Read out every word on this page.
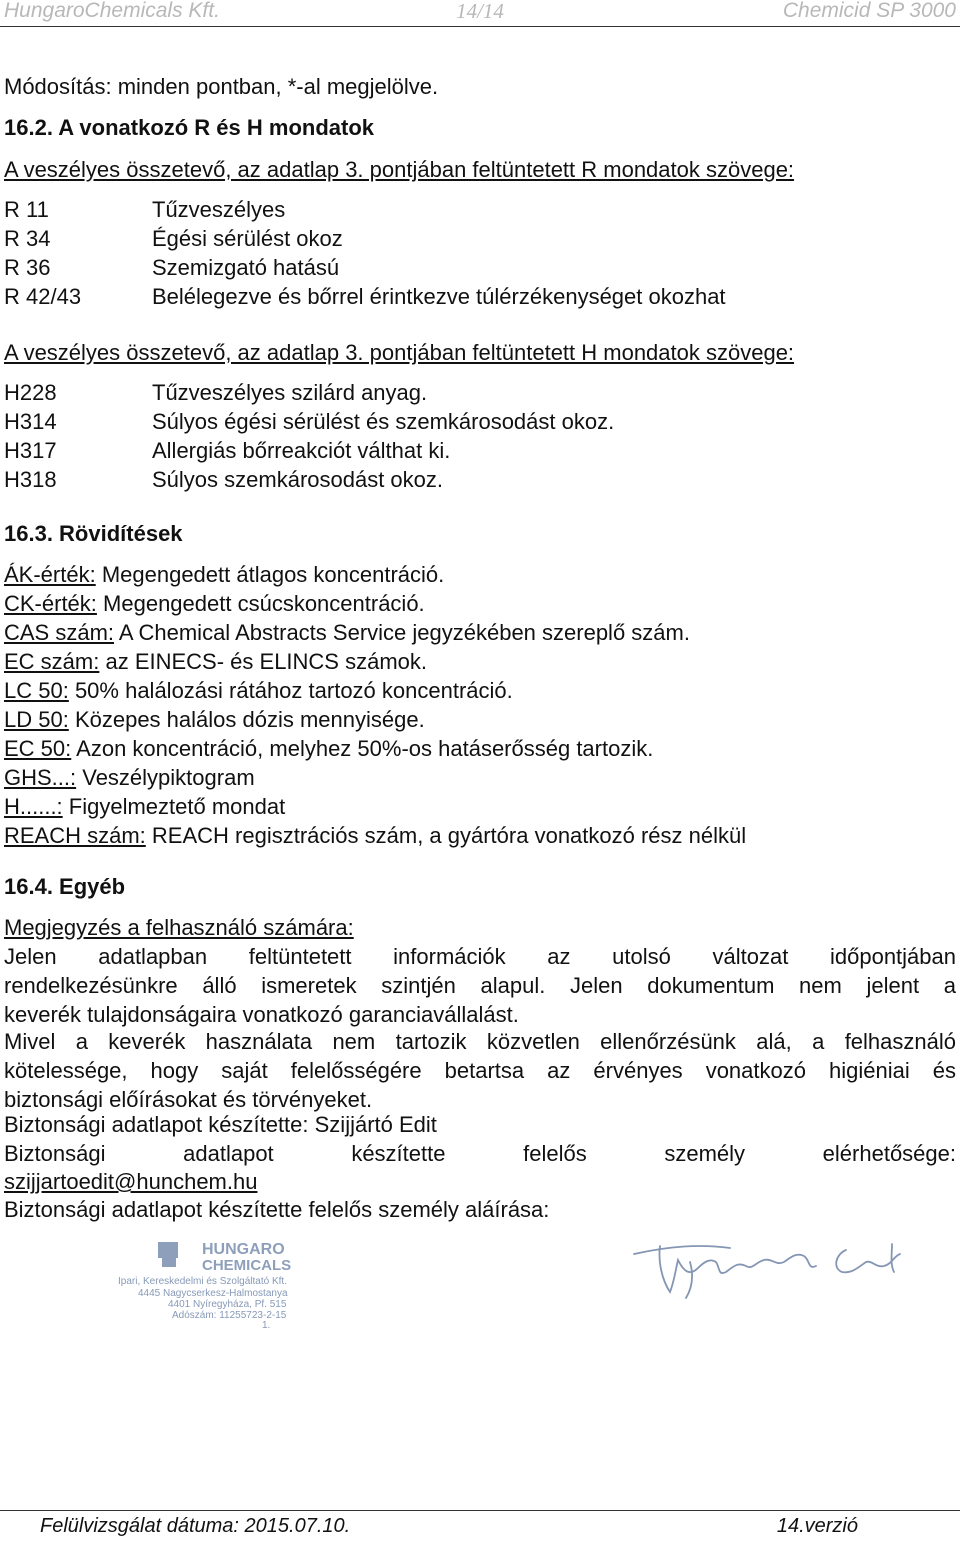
HungaroChemicals Kft.	14/14	Chemicid SP 3000

Módosítás: minden pontban, *-al megjelölve.

16.2. A vonatkozó R és H mondatok

A veszélyes összetevő, az adatlap 3. pontjában feltüntetett R mondatok szövege:

R 11	Tűzveszélyes
R 34	Égési sérülést okoz
R 36	Szemizgató hatású
R 42/43	Belélegezve és bőrrel érintkezve túlérzékenységet okozhat

A veszélyes összetevő, az adatlap 3. pontjában feltüntetett H mondatok szövege:

H228	Tűzveszélyes szilárd anyag.
H314	Súlyos égési sérülést és szemkárosodást okoz.
H317	Allergiás bőrreakciót válthat ki.
H318	Súlyos szemkárosodást okoz.

16.3. Rövidítések

ÁK-érték: Megengedett átlagos koncentráció.
CK-érték: Megengedett csúcskoncentráció.
CAS szám: A Chemical Abstracts Service jegyzékében szereplő szám.
EC szám: az EINECS- és ELINCS számok.
LC 50: 50% halálozási rátához tartozó koncentráció.
LD 50: Közepes halálos dózis mennyisége.
EC 50: Azon koncentráció, melyhez 50%-os hatáserősség tartozik.
GHS...: Veszélypiktogram
H......: Figyelmeztető mondat
REACH szám: REACH regisztrációs szám, a gyártóra vonatkozó rész nélkül

16.4. Egyéb

Megjegyzés a felhasználó számára:

Jelen adatlapban feltüntetett információk az utolsó változat időpontjában
rendelkezésünkre álló ismeretek szintjén alapul. Jelen dokumentum nem jelent a
keverék tulajdonságaira vonatkozó garanciavállalást.
Mivel a keverék használata nem tartozik közvetlen ellenőrzésünk alá, a felhasználó
kötelessége, hogy saját felelősségére betartsa az érvényes vonatkozó higiéniai és
biztonsági előírásokat és törvényeket.

Biztonsági adatlapot készítette: Szijjártó Edit

Biztonsági adatlapot készítette felelős személy elérhetősége:

szijjartoedit@hunchem.hu

Biztonsági adatlapot készítette felelős személy aláírása:

HUNGARO
CHEMICALS
Ipari, Kereskedelmi és Szolgáltató Kft.
4445 Nagycserkesz-Halmostanya
4401 Nyíregyháza, Pf. 515
Adószám: 11255723-2-15
1.
Felülvizsgálat dátuma: 2015.07.10.	14.verzió
